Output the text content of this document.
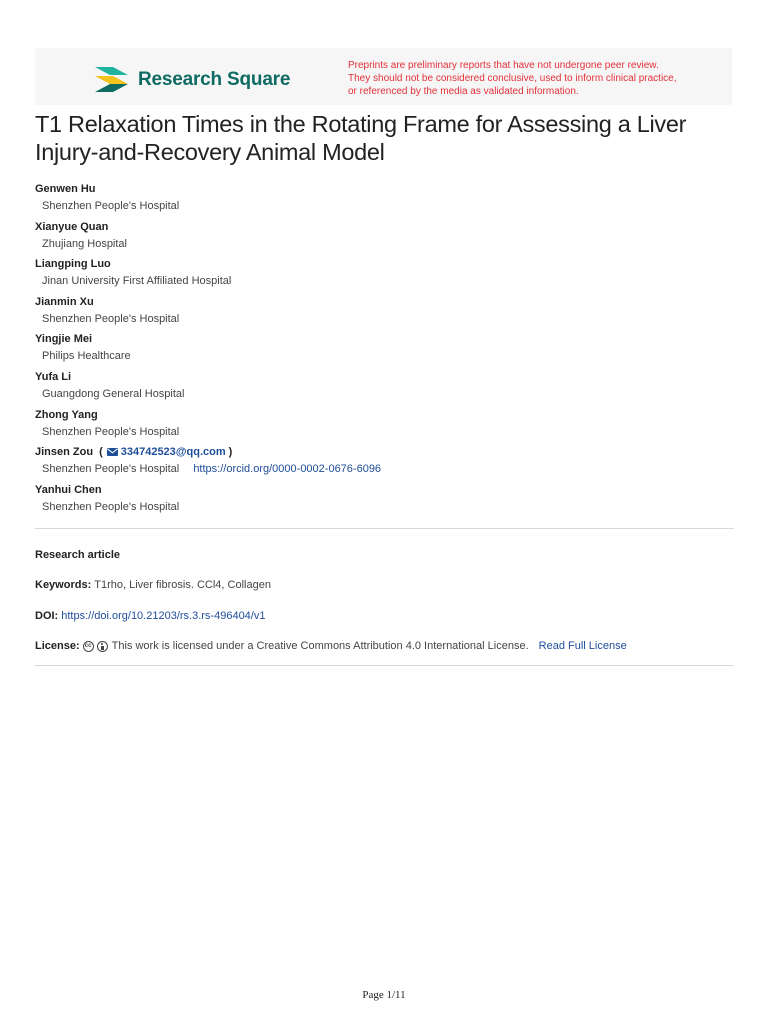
Research Square
Preprints are preliminary reports that have not undergone peer review.
They should not be considered conclusive, used to inform clinical practice,
or referenced by the media as validated information.
T1 Relaxation Times in the Rotating Frame for Assessing a Liver Injury-and-Recovery Animal Model
Genwen Hu
Shenzhen People's Hospital
Xianyue Quan
Zhujiang Hospital
Liangping Luo
Jinan University First Affiliated Hospital
Jianmin Xu
Shenzhen People's Hospital
Yingjie Mei
Philips Healthcare
Yufa Li
Guangdong General Hospital
Zhong Yang
Shenzhen People's Hospital
Jinsen Zou ( 334742523@qq.com )
Shenzhen People's Hospital https://orcid.org/0000-0002-0676-6096
Yanhui Chen
Shenzhen People's Hospital
Research article
Keywords: T1rho, Liver fibrosis. CCl4, Collagen
DOI: https://doi.org/10.21203/rs.3.rs-496404/v1
License: cc This work is licensed under a Creative Commons Attribution 4.0 International License. Read Full License
Page 1/11
